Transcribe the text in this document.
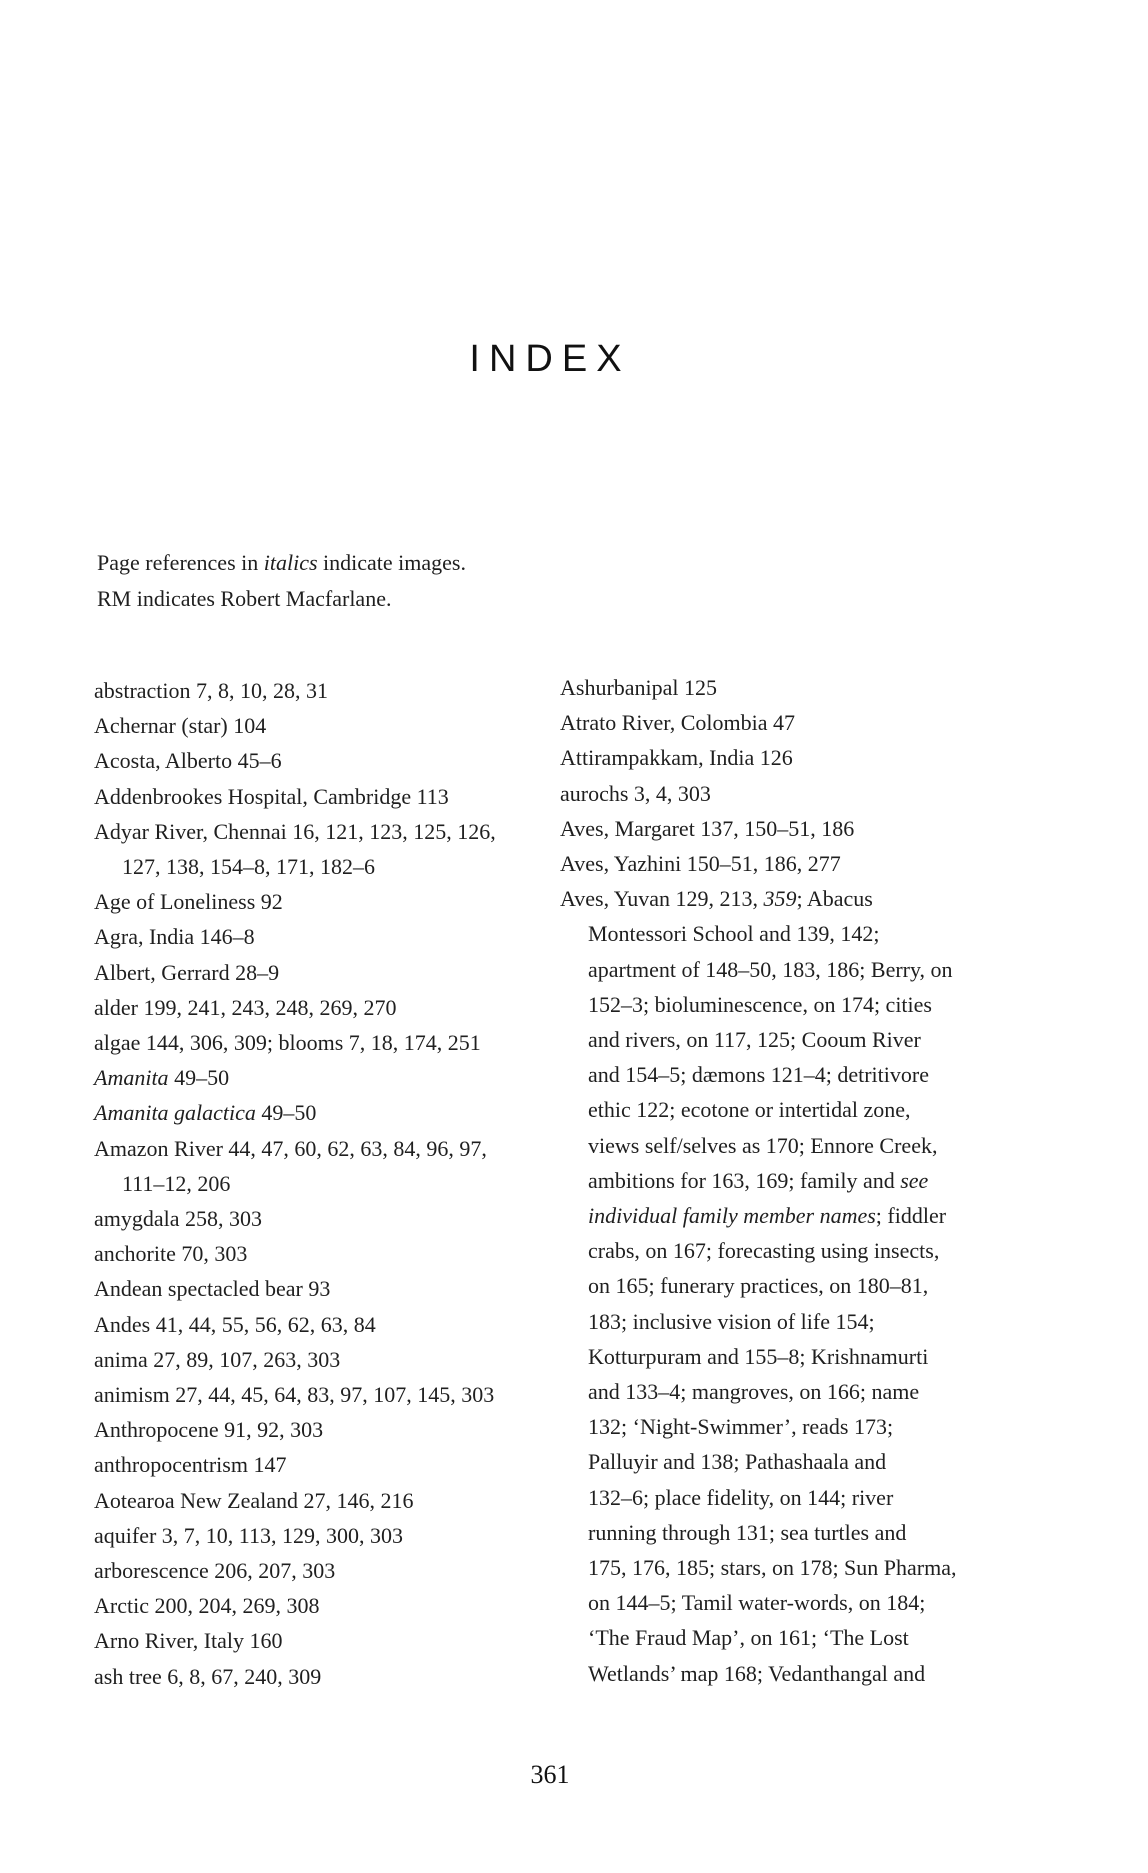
INDEX
Page references in italics indicate images.
RM indicates Robert Macfarlane.
abstraction 7, 8, 10, 28, 31
Achernar (star) 104
Acosta, Alberto 45–6
Addenbrookes Hospital, Cambridge 113
Adyar River, Chennai 16, 121, 123, 125, 126,
127, 138, 154–8, 171, 182–6
Age of Loneliness 92
Agra, India 146–8
Albert, Gerrard 28–9
alder 199, 241, 243, 248, 269, 270
algae 144, 306, 309; blooms 7, 18, 174, 251
Amanita 49–50
Amanita galactica 49–50
Amazon River 44, 47, 60, 62, 63, 84, 96, 97,
111–12, 206
amygdala 258, 303
anchorite 70, 303
Andean spectacled bear 93
Andes 41, 44, 55, 56, 62, 63, 84
anima 27, 89, 107, 263, 303
animism 27, 44, 45, 64, 83, 97, 107, 145, 303
Anthropocene 91, 92, 303
anthropocentrism 147
Aotearoa New Zealand 27, 146, 216
aquifer 3, 7, 10, 113, 129, 300, 303
arborescence 206, 207, 303
Arctic 200, 204, 269, 308
Arno River, Italy 160
ash tree 6, 8, 67, 240, 309
Ashurbanipal 125
Atrato River, Colombia 47
Attirampakkam, India 126
aurochs 3, 4, 303
Aves, Margaret 137, 150–51, 186
Aves, Yazhini 150–51, 186, 277
Aves, Yuvan 129, 213, 359; Abacus
Montessori School and 139, 142;
apartment of 148–50, 183, 186; Berry, on
152–3; bioluminescence, on 174; cities
and rivers, on 117, 125; Cooum River
and 154–5; dæmons 121–4; detritivore
ethic 122; ecotone or intertidal zone,
views self/selves as 170; Ennore Creek,
ambitions for 163, 169; family and see
individual family member names; fiddler
crabs, on 167; forecasting using insects,
on 165; funerary practices, on 180–81,
183; inclusive vision of life 154;
Kotturpuram and 155–8; Krishnamurti
and 133–4; mangroves, on 166; name
132; ‘Night-Swimmer’, reads 173;
Palluyir and 138; Pathashaala and
132–6; place fidelity, on 144; river
running through 131; sea turtles and
175, 176, 185; stars, on 178; Sun Pharma,
on 144–5; Tamil water-words, on 184;
‘The Fraud Map’, on 161; ‘The Lost
Wetlands’ map 168; Vedanthangal and
361
